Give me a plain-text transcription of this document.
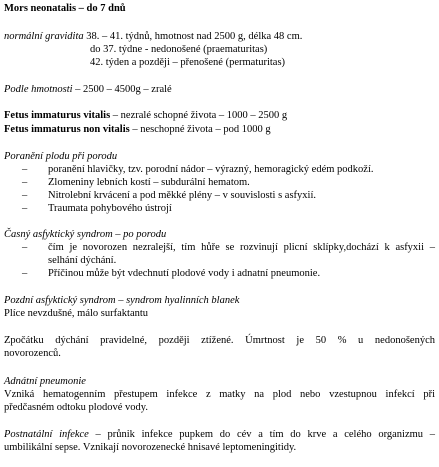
Mors neonatalis – do 7 dnů
normální gravidita 38. – 41. týdnů, hmotnost nad 2500 g, délka 48 cm.
do 37. týdne - nedonošené (praematuritas)
42. týden a později – přenošené (permaturitas)
Podle hmotnosti – 2500 – 4500g – zralé
Fetus immaturus vitalis – nezralé schopné života – 1000 – 2500 g
Fetus immaturus non vitalis – neschopné života – pod 1000 g
Poranění plodu při porodu
– poranění hlavičky, tzv. porodní nádor – výrazný, hemoragický edém podkoží.
– Zlomeniny lebních kostí – subdurální hematom.
– Nitrolební krvácení a pod měkké plény – v souvislosti s asfyxií.
– Traumata pohybového ústrojí
Časný asfyktický syndrom – po porodu
– čím je novorozen nezralejší, tím hůře se rozvinují plicní sklípky,dochází k asfyxii –
selhání dýchání.
– Příčinou může být vdechnutí plodové vody i adnatní pneumonie.
Pozdní asfyktický syndrom – syndrom hyalinních blanek
Plíce nevzdušné, málo surfaktantu
Zpočátku dýchání pravidelné, později ztížené. Úmrtnost je 50 % u nedonošených
novorozenců.
Adnátní pneumonie
Vzniká hematogenním přestupem infekce z matky na plod nebo vzestupnou infekcí při
předčasném odtoku plodové vody.
Postnatální infekce – průnik infekce pupkem do cév a tím do krve a celého organizmu –
umbilikální sepse. Vznikají novorozenecké hnisavé leptomeningitidy.
